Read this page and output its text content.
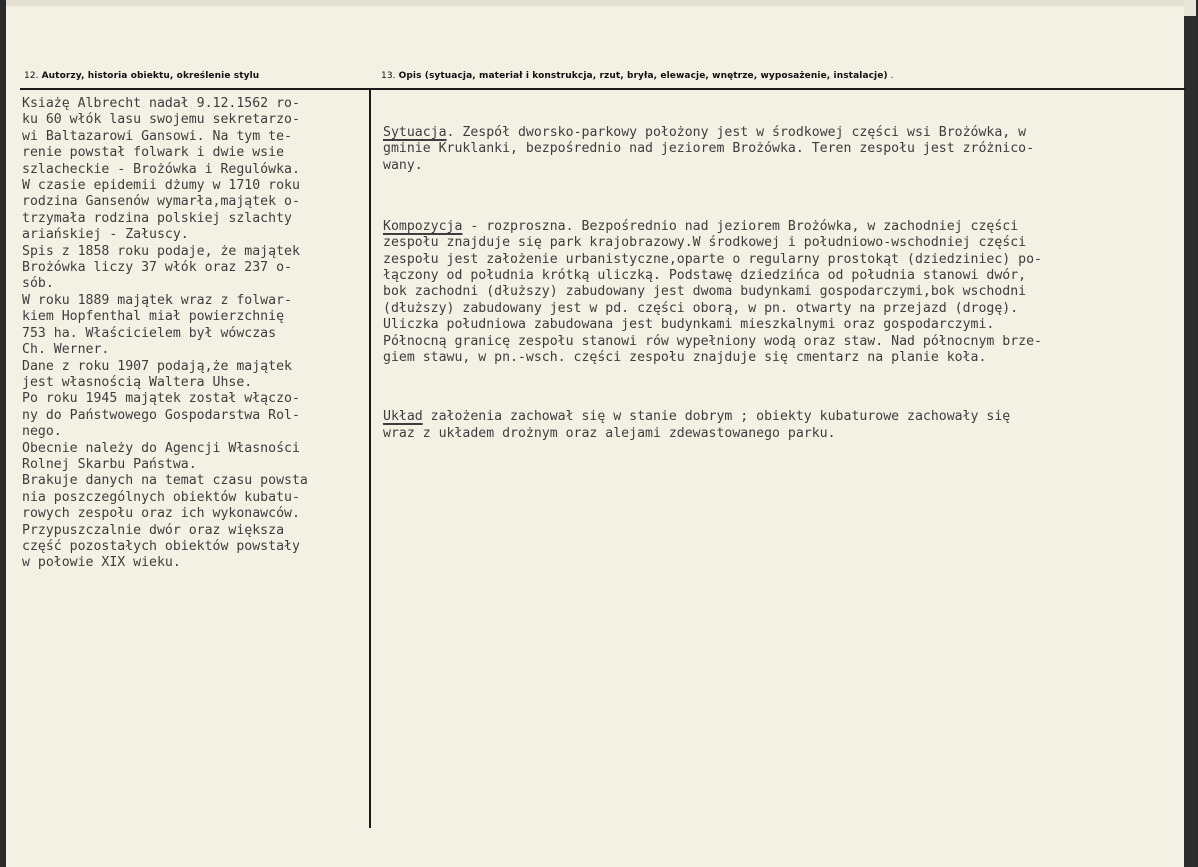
12. Autorzy, historia obiektu, określenie stylu	13. Opis (sytuacja, materiał i konstrukcja, rzut, bryła, elewacje, wnętrze, wyposażenie, instalacje) .
Ksiażę Albrecht nadał 9.12.1562 ro-
ku 60 włók lasu swojemu sekretarzo-
wi Baltazarowi Gansowi. Na tym te-
renie powstał folwark i dwie wsie
szlacheckie - Brożówka i Regulówka.
W czasie epidemii dżumy w 1710 roku
rodzina Gansenów wymarła,majątek o-
trzymała rodzina polskiej szlachty
ariańskiej - Załuscy.
Spis z 1858 roku podaje, że majątek
Brożówka liczy 37 włók oraz 237 o-
sób.
W roku 1889 majątek wraz z folwar-
kiem Hopfenthal miał powierzchnię
753 ha. Właścicielem był wówczas
Ch. Werner.
Dane z roku 1907 podają,że majątek
jest własnością Waltera Uhse.
Po roku 1945 majątek został włączo-
ny do Państwowego Gospodarstwa Rol-
nego.
Obecnie należy do Agencji Własności
Rolnej Skarbu Państwa.
Brakuje danych na temat czasu powsta
nia poszczególnych obiektów kubatu-
rowych zespołu oraz ich wykonawców.
Przypuszczalnie dwór oraz większa
część pozostałych obiektów powstały
w połowie XIX wieku.

Sytuacja. Zespół dworsko-parkowy położony jest w środkowej części wsi Brożówka, w
gminie Kruklanki, bezpośrednio nad jeziorem Brożówka. Teren zespołu jest zróżnico-
wany.

Kompozycja - rozproszna. Bezpośrednio nad jeziorem Brożówka, w zachodniej części
zespołu znajduje się park krajobrazowy.W środkowej i południowo-wschodniej części
zespołu jest założenie urbanistyczne,oparte o regularny prostokąt (dziedziniec) po-
łączony od południa krótką uliczką. Podstawę dziedzińca od południa stanowi dwór,
bok zachodni (dłuższy) zabudowany jest dwoma budynkami gospodarczymi,bok wschodni
(dłuższy) zabudowany jest w pd. części oborą, w pn. otwarty na przejazd (drogę).
Uliczka południowa zabudowana jest budynkami mieszkalnymi oraz gospodarczymi.
Północną granicę zespołu stanowi rów wypełniony wodą oraz staw. Nad północnym brze-
giem stawu, w pn.-wsch. części zespołu znajduje się cmentarz na planie koła.

Układ założenia zachował się w stanie dobrym ; obiekty kubaturowe zachowały się
wraz z układem drożnym oraz alejami zdewastowanego parku.
